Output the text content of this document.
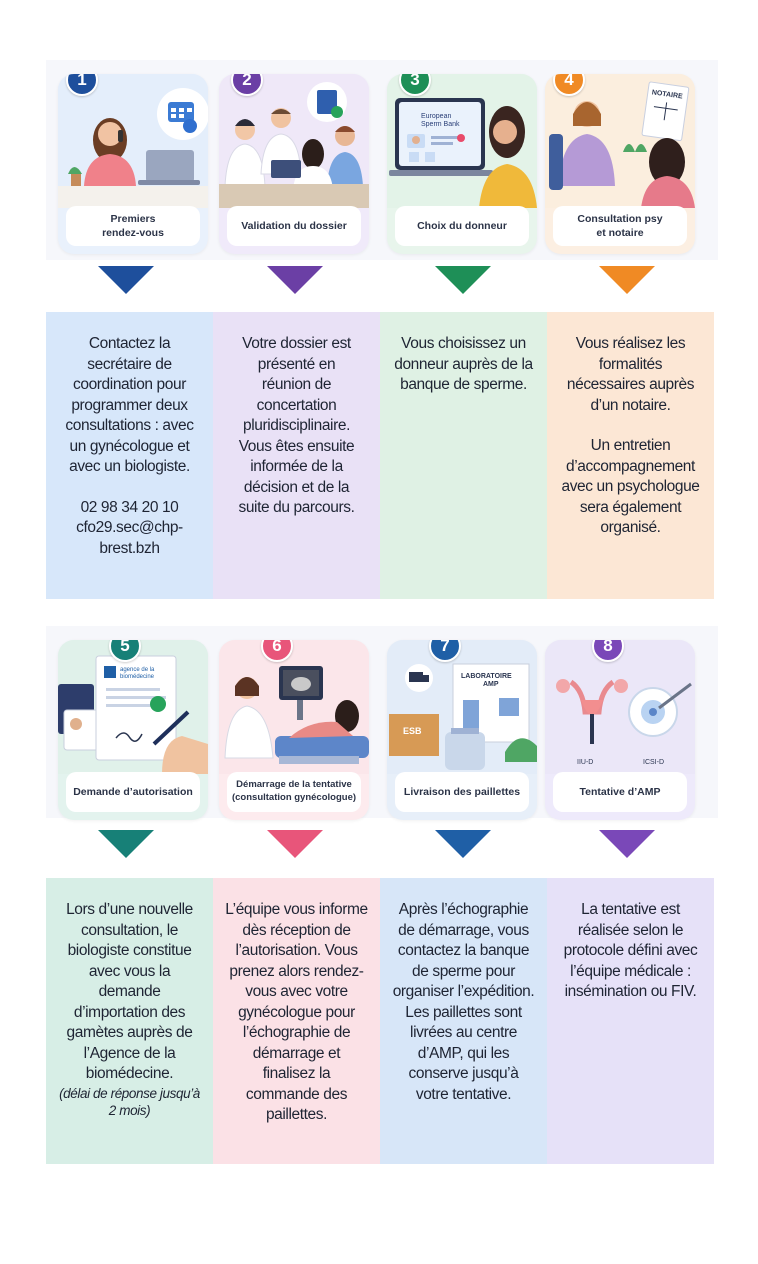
1
Premiers
rendez-vous
2
Validation du dossier
European Sperm Bank
3
Choix du donneur
NOTAIRE
4
Consultation psy
et notaire

Contactez la secrétaire de coordination pour programmer deux consultations : avec un gynécologue et avec un biologiste.

02 98 34 20 10

cfo29.sec@chp-
brest.bzh

Votre dossier est présenté en réunion de concertation pluridisciplinaire. Vous êtes ensuite informée de la décision et de la suite du parcours.

Vous choisissez un donneur auprès de la banque de sperme.

Vous réalisez les formalités nécessaires auprès d’un notaire.

Un entretien d’accompagnement avec un psychologue sera également organisé.

agence de la biomédecine
5
Demande d’autorisation
6
Démarrage de la tentative
(consultation gynécologue)
LABORATOIRE AMP
ESB
7
Livraison des paillettes
IIU-D	ICSI-D
8
Tentative d’AMP

Lors d’une nouvelle consultation, le biologiste constitue avec vous la demande d’importation des gamètes auprès de l’Agence de la biomédecine.

(délai de réponse jusqu’à 2 mois)

L’équipe vous informe dès réception de l’autorisation. Vous prenez alors rendez-vous avec votre gynécologue pour l’échographie de démarrage et finalisez la commande des paillettes.

Après l’échographie de démarrage, vous contactez la banque de sperme pour organiser l’expédition. Les paillettes sont livrées au centre d’AMP, qui les conserve jusqu’à votre tentative.

La tentative est réalisée selon le protocole défini avec l’équipe médicale : insémination ou FIV.
